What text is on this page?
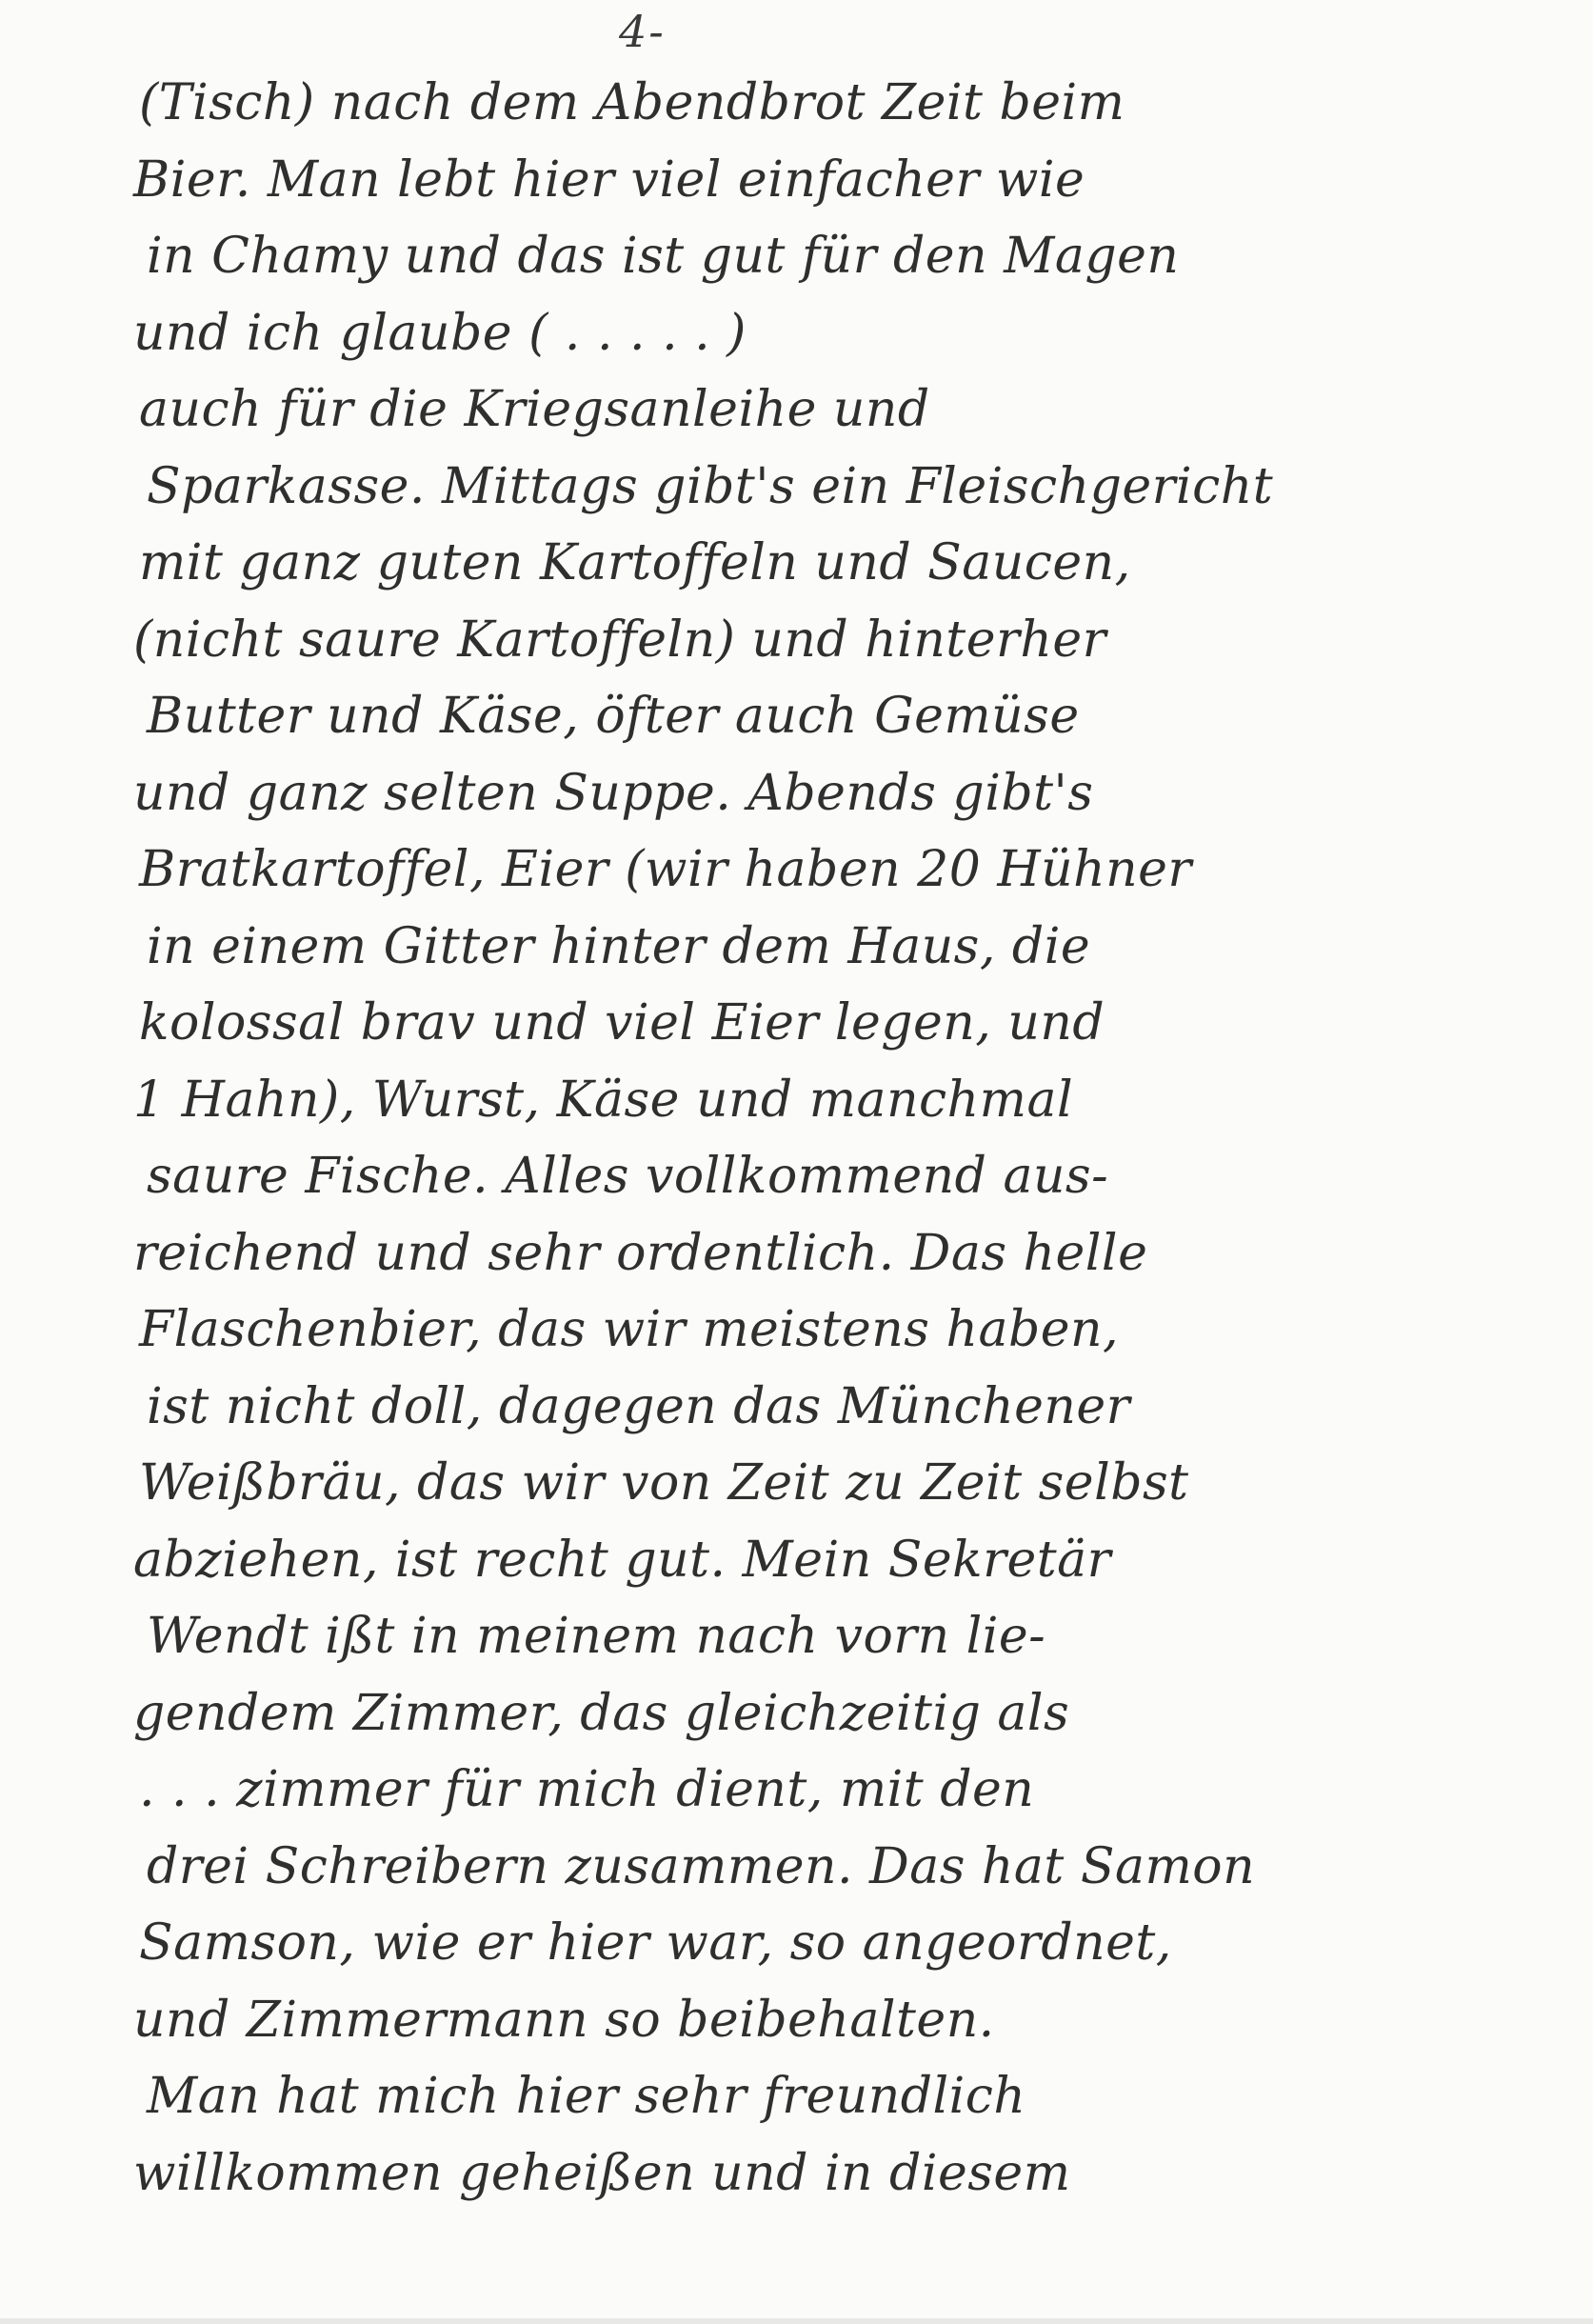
4-
(Tisch) nach dem Abendbrot Zeit beim
Bier. Man lebt hier viel einfacher wie
in Chamy und das ist gut für den Magen
und ich glaube ( . . . . . )
auch für die Kriegsanleihe und
Sparkasse. Mittags gibt's ein Fleischgericht
mit ganz guten Kartoffeln und Saucen,
(nicht saure Kartoffeln) und hinterher
Butter und Käse, öfter auch Gemüse
und ganz selten Suppe. Abends gibt's
Bratkartoffel, Eier (wir haben 20 Hühner
in einem Gitter hinter dem Haus, die
kolossal brav und viel Eier legen, und
1 Hahn), Wurst, Käse und manchmal
saure Fische. Alles vollkommend aus-
reichend und sehr ordentlich. Das helle
Flaschenbier, das wir meistens haben,
ist nicht doll, dagegen das Münchener
Weißbräu, das wir von Zeit zu Zeit selbst
abziehen, ist recht gut. Mein Sekretär
Wendt ißt in meinem nach vorn lie-
gendem Zimmer, das gleichzeitig als
. . . zimmer für mich dient, mit den
drei Schreibern zusammen. Das hat Samon
Samson, wie er hier war, so angeordnet,
und Zimmermann so beibehalten.
Man hat mich hier sehr freundlich
willkommen geheißen und in diesem
